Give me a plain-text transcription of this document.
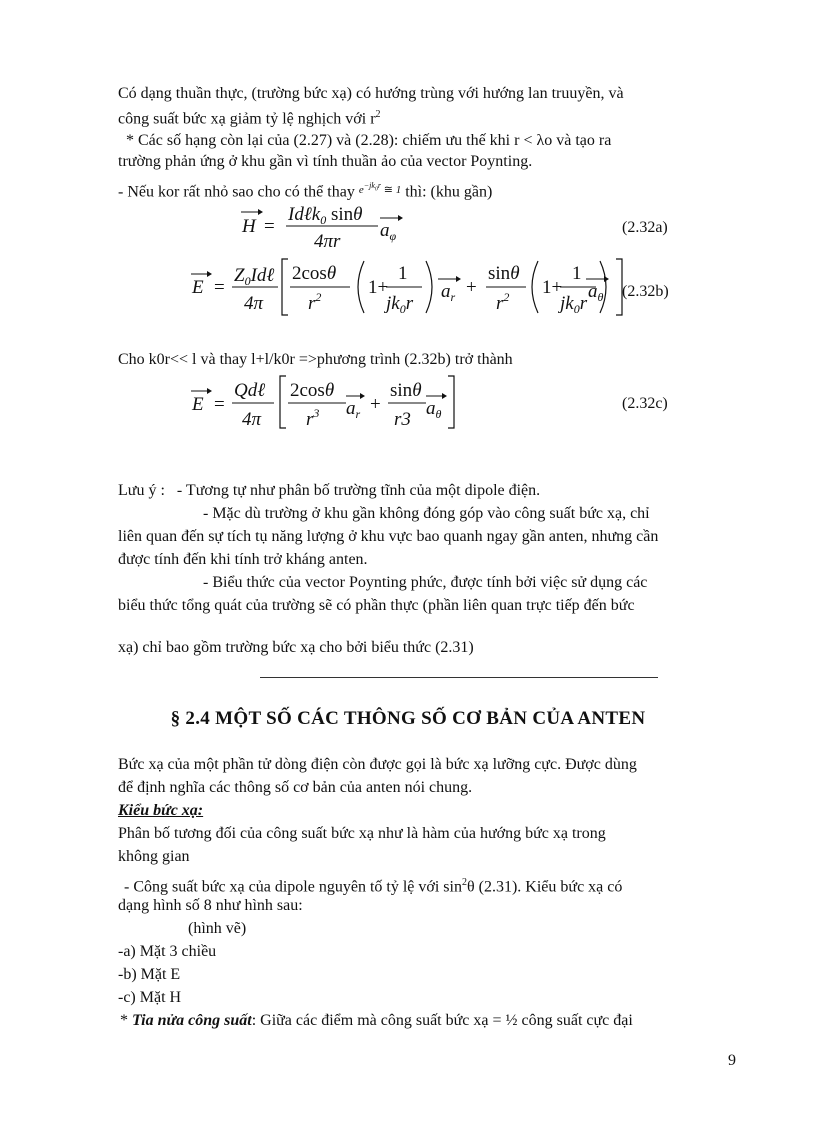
Có dạng thuần thực, (trường bức xạ) có hướng trùng với hướng lan truuyền, và

công suất bức xạ giảm tỷ lệ nghịch với $r^2$

* Các số hạng còn lại của (2.27) và (2.28): chiếm ưu thế khi r < λo và tạo ra

trường phản ứng ở khu gần vì tính thuần ảo của vector Poynting.

- Nếu kor rất nhỏ sao cho có thể thay $^{e^{-jk_0r} ≅ 1}$ thì: (khu gần)

H =
Idℓk$_0$ sinθ
4πr
$a_\varphi$	(2.32a)
E =
$Z_0Id\ell$
4π
2cosθ
$r^2$ 1+
1
$jk_0r$
$a_r$ +
sinθ
$r^2$ 1+
1
$jk_0r$
$a_\theta$ (2.32b)

Cho k0r<< l và thay l+l/k0r =>phương trình (2.32b) trở thành

E =
Qdℓ
4π
2cosθ
$r^3$ $a_r$ +
sinθ
r3
$a_\theta$
(2.32c)

Lưu ý : - Tương tự như phân bố trường tĩnh của một dipole điện.

- Mặc dù trường ở khu gần không đóng góp vào công suất bức xạ, chỉ

liên quan đến sự tích tụ năng lượng ở khu vực bao quanh ngay gần anten, nhưng cần

được tính đến khi tính trở kháng anten.

- Biểu thức của vector Poynting phức, được tính bởi việc sử dụng các

biểu thức tổng quát của trường sẽ có phần thực (phần liên quan trực tiếp đến bức

xạ) chỉ bao gồm trường bức xạ cho bởi biểu thức (2.31)

§ 2.4 MỘT SỐ CÁC THÔNG SỐ CƠ BẢN CỦA ANTEN

Bức xạ của một phần tử dòng điện còn được gọi là bức xạ lưỡng cực. Được dùng

để định nghĩa các thông số cơ bản của anten nói chung.

Kiểu bức xạ:

Phân bố tương đối của công suất bức xạ như là hàm của hướng bức xạ trong

không gian

- Công suất bức xạ của dipole nguyên tố tỷ lệ với $\sin^2\theta$ (2.31). Kiểu bức xạ có

dạng hình số 8 như hình sau:

(hình vẽ)

-a) Mặt 3 chiều

-b) Mặt E

-c) Mặt H

* Tia nửa công suất: Giữa các điểm mà công suất bức xạ = ½ công suất cực đại

9
